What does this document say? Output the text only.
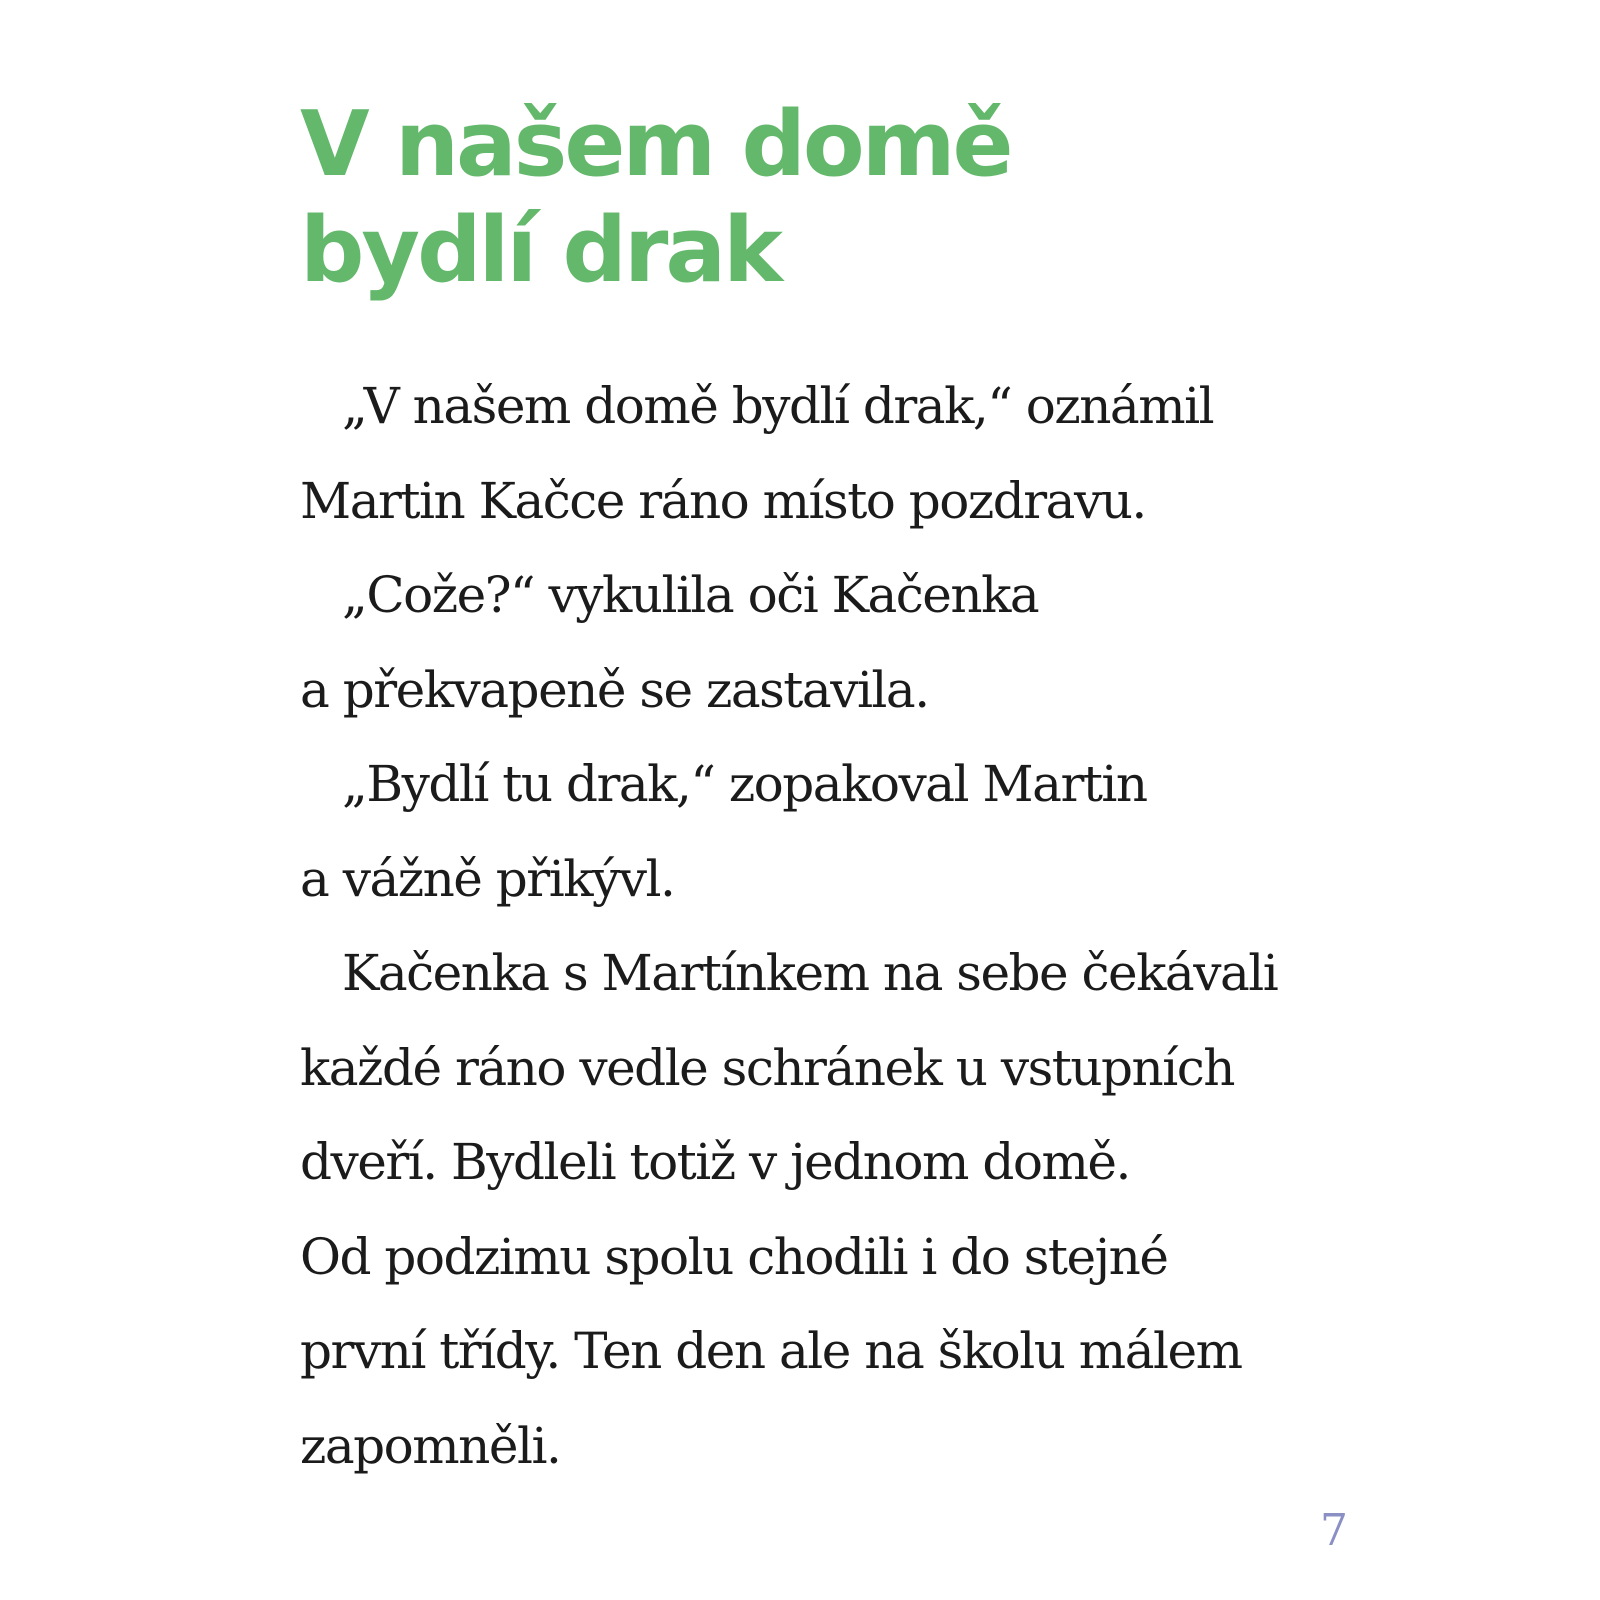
V našem domě
bydlí drak
„V našem domě bydlí drak,“ oznámil
Martin Kačce ráno místo pozdravu.
„Cože?“ vykulila oči Kačenka
a překvapeně se zastavila.
„Bydlí tu drak,“ zopakoval Martin
a vážně přikývl.
Kačenka s Martínkem na sebe čekávali
každé ráno vedle schránek u vstupních
dveří. Bydleli totiž v jednom domě.
Od podzimu spolu chodili i do stejné
první třídy. Ten den ale na školu málem
zapomněli.
7
